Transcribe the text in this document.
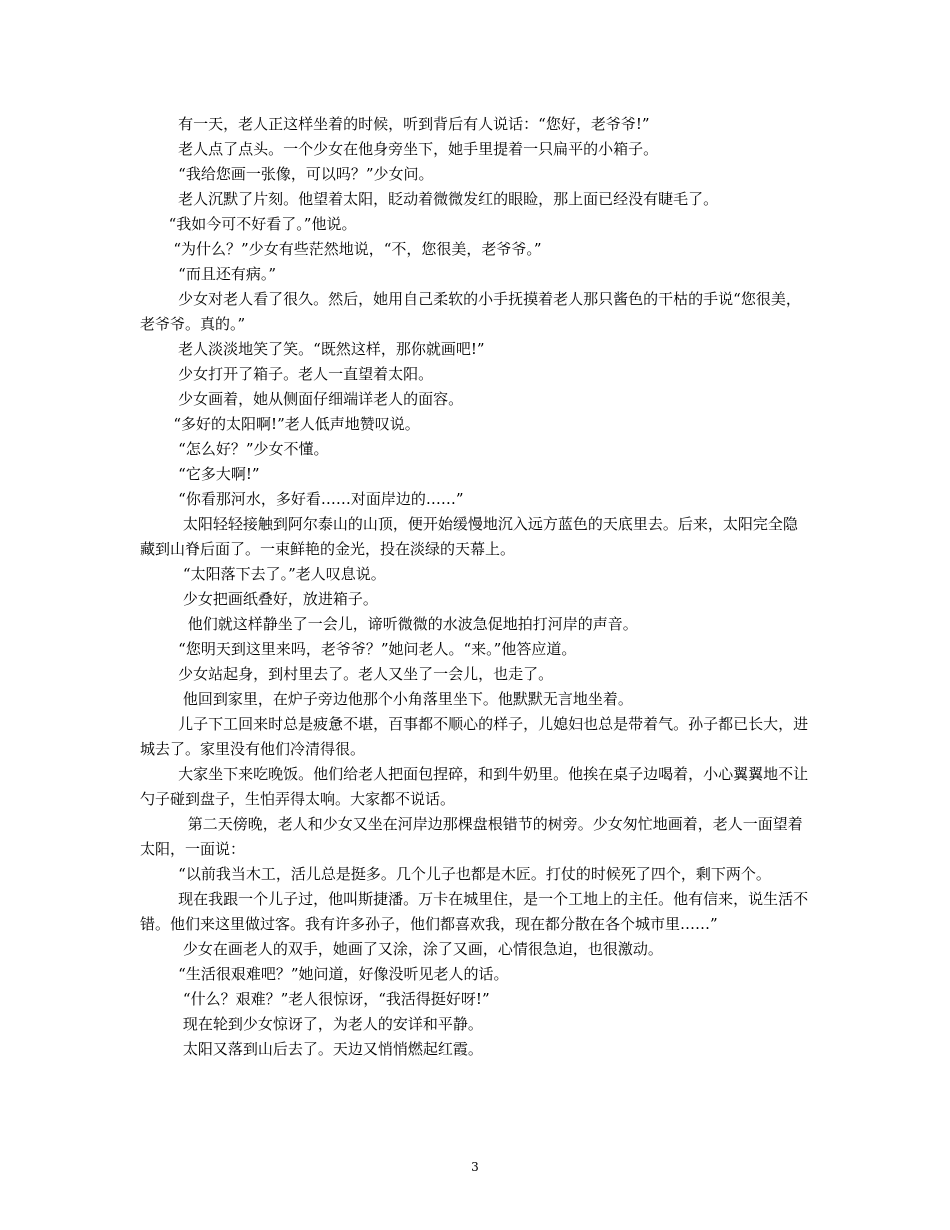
有一天，老人正这样坐着的时候，听到背后有人说话：“您好，老爷爷!”

老人点了点头。一个少女在他身旁坐下，她手里提着一只扁平的小箱子。

“我给您画一张像，可以吗？”少女问。

老人沉默了片刻。他望着太阳，眨动着微微发红的眼睑，那上面已经没有睫毛了。

“我如今可不好看了。”他说。

“为什么？”少女有些茫然地说，“不，您很美，老爷爷。”

“而且还有病。”

少女对老人看了很久。然后，她用自己柔软的小手抚摸着老人那只酱色的干枯的手说“您很美，老爷爷。真的。”

老人淡淡地笑了笑。“既然这样，那你就画吧!”

少女打开了箱子。老人一直望着太阳。

少女画着，她从侧面仔细端详老人的面容。

“多好的太阳啊!”老人低声地赞叹说。

“怎么好？”少女不懂。

“它多大啊!”

“你看那河水，多好看……对面岸边的……”

太阳轻轻接触到阿尔泰山的山顶，便开始缓慢地沉入远方蓝色的天底里去。后来，太阳完全隐藏到山脊后面了。一束鲜艳的金光，投在淡绿的天幕上。

“太阳落下去了。”老人叹息说。

少女把画纸叠好，放进箱子。

他们就这样静坐了一会儿，谛听微微的水波急促地拍打河岸的声音。

“您明天到这里来吗，老爷爷？”她问老人。“来。”他答应道。

少女站起身，到村里去了。老人又坐了一会儿，也走了。

他回到家里，在炉子旁边他那个小角落里坐下。他默默无言地坐着。

儿子下工回来时总是疲惫不堪，百事都不顺心的样子，儿媳妇也总是带着气。孙子都已长大，进城去了。家里没有他们冷清得很。

大家坐下来吃晚饭。他们给老人把面包捏碎，和到牛奶里。他挨在桌子边喝着，小心翼翼地不让勺子碰到盘子，生怕弄得太响。大家都不说话。

第二天傍晚，老人和少女又坐在河岸边那棵盘根错节的树旁。少女匆忙地画着，老人一面望着太阳，一面说：

“以前我当木工，活儿总是挺多。几个儿子也都是木匠。打仗的时候死了四个，剩下两个。

现在我跟一个儿子过，他叫斯捷潘。万卡在城里住，是一个工地上的主任。他有信来，说生活不错。他们来这里做过客。我有许多孙子，他们都喜欢我，现在都分散在各个城市里……”

少女在画老人的双手，她画了又涂，涂了又画，心情很急迫，也很激动。

“生活很艰难吧？”她问道，好像没听见老人的话。

“什么？艰难？”老人很惊讶，“我活得挺好呀!”

现在轮到少女惊讶了，为老人的安详和平静。

太阳又落到山后去了。天边又悄悄燃起红霞。

3
